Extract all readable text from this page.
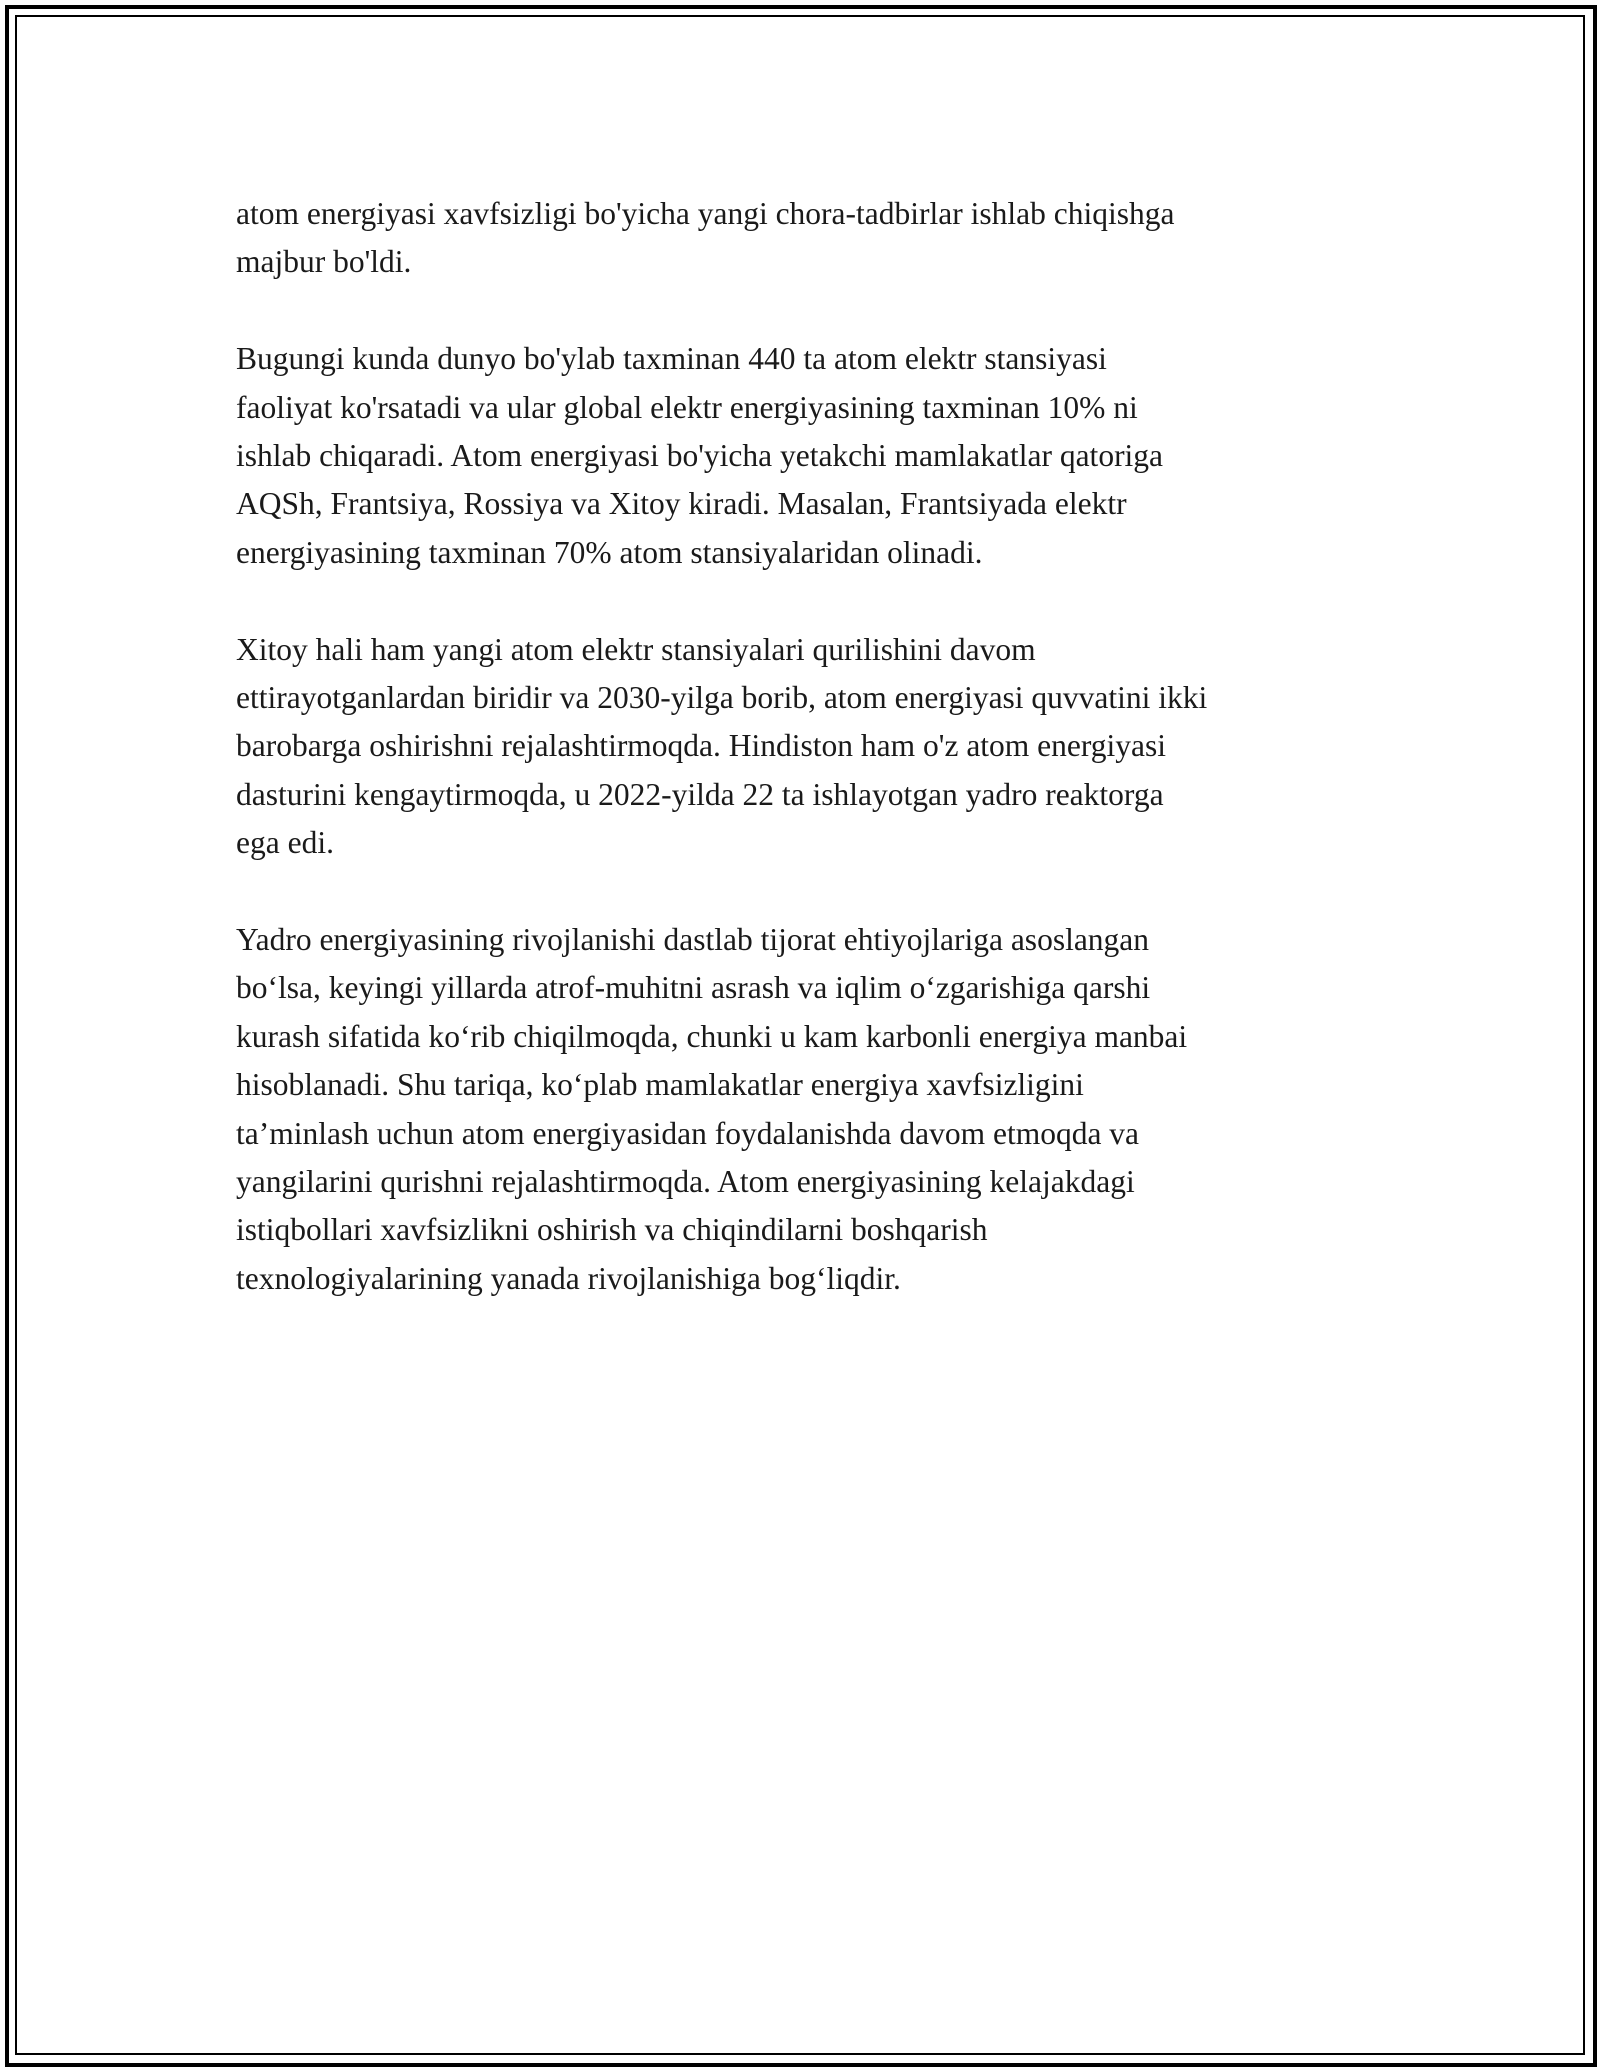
atom energiyasi xavfsizligi bo'yicha yangi chora-tadbirlar ishlab chiqishga
majbur bo'ldi.

Bugungi kunda dunyo bo'ylab taxminan 440 ta atom elektr stansiyasi
faoliyat ko'rsatadi va ular global elektr energiyasining taxminan 10% ni
ishlab chiqaradi. Atom energiyasi bo'yicha yetakchi mamlakatlar qatoriga
AQSh, Frantsiya, Rossiya va Xitoy kiradi. Masalan, Frantsiyada elektr
energiyasining taxminan 70% atom stansiyalaridan olinadi.

Xitoy hali ham yangi atom elektr stansiyalari qurilishini davom
ettirayotganlardan biridir va 2030-yilga borib, atom energiyasi quvvatini ikki
barobarga oshirishni rejalashtirmoqda. Hindiston ham o'z atom energiyasi
dasturini kengaytirmoqda, u 2022-yilda 22 ta ishlayotgan yadro reaktorga
ega edi.

Yadro energiyasining rivojlanishi dastlab tijorat ehtiyojlariga asoslangan
bo‘lsa, keyingi yillarda atrof-muhitni asrash va iqlim o‘zgarishiga qarshi
kurash sifatida ko‘rib chiqilmoqda, chunki u kam karbonli energiya manbai
hisoblanadi. Shu tariqa, ko‘plab mamlakatlar energiya xavfsizligini
ta’minlash uchun atom energiyasidan foydalanishda davom etmoqda va
yangilarini qurishni rejalashtirmoqda. Atom energiyasining kelajakdagi
istiqbollari xavfsizlikni oshirish va chiqindilarni boshqarish
texnologiyalarining yanada rivojlanishiga bog‘liqdir.
